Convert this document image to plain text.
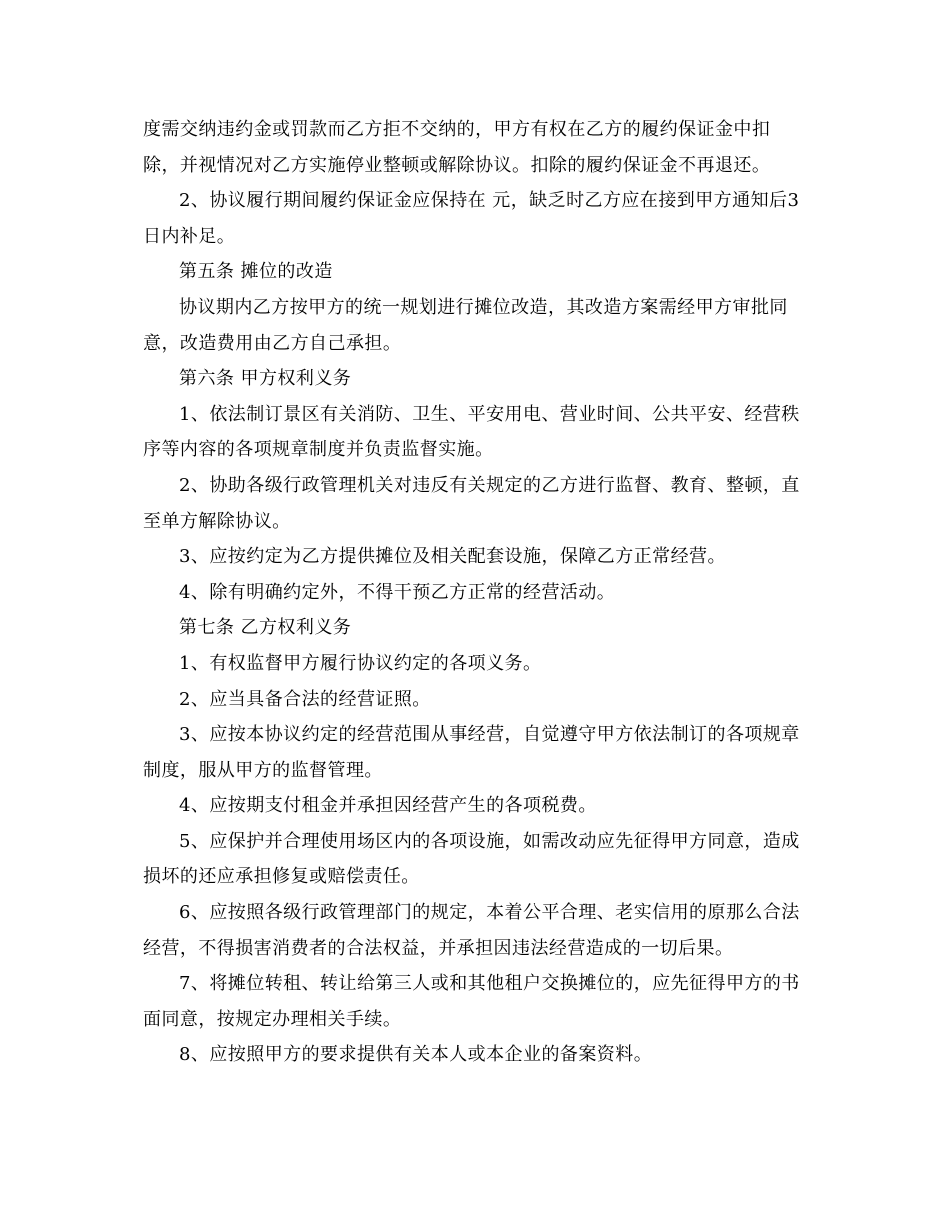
度需交纳违约金或罚款而乙方拒不交纳的，甲方有权在乙方的履约保证金中扣
除，并视情况对乙方实施停业整顿或解除协议。扣除的履约保证金不再退还。

2、协议履行期间履约保证金应保持在 元，缺乏时乙方应在接到甲方通知后3
日内补足。

第五条 摊位的改造

协议期内乙方按甲方的统一规划进行摊位改造，其改造方案需经甲方审批同
意，改造费用由乙方自己承担。

第六条 甲方权利义务

1、依法制订景区有关消防、卫生、平安用电、营业时间、公共平安、经营秩
序等内容的各项规章制度并负责监督实施。

2、协助各级行政管理机关对违反有关规定的乙方进行监督、教育、整顿，直
至单方解除协议。

3、应按约定为乙方提供摊位及相关配套设施，保障乙方正常经营。

4、除有明确约定外，不得干预乙方正常的经营活动。

第七条 乙方权利义务

1、有权监督甲方履行协议约定的各项义务。

2、应当具备合法的经营证照。

3、应按本协议约定的经营范围从事经营，自觉遵守甲方依法制订的各项规章
制度，服从甲方的监督管理。

4、应按期支付租金并承担因经营产生的各项税费。

5、应保护并合理使用场区内的各项设施，如需改动应先征得甲方同意，造成
损坏的还应承担修复或赔偿责任。

6、应按照各级行政管理部门的规定，本着公平合理、老实信用的原那么合法
经营，不得损害消费者的合法权益，并承担因违法经营造成的一切后果。

7、将摊位转租、转让给第三人或和其他租户交换摊位的，应先征得甲方的书
面同意，按规定办理相关手续。

8、应按照甲方的要求提供有关本人或本企业的备案资料。
